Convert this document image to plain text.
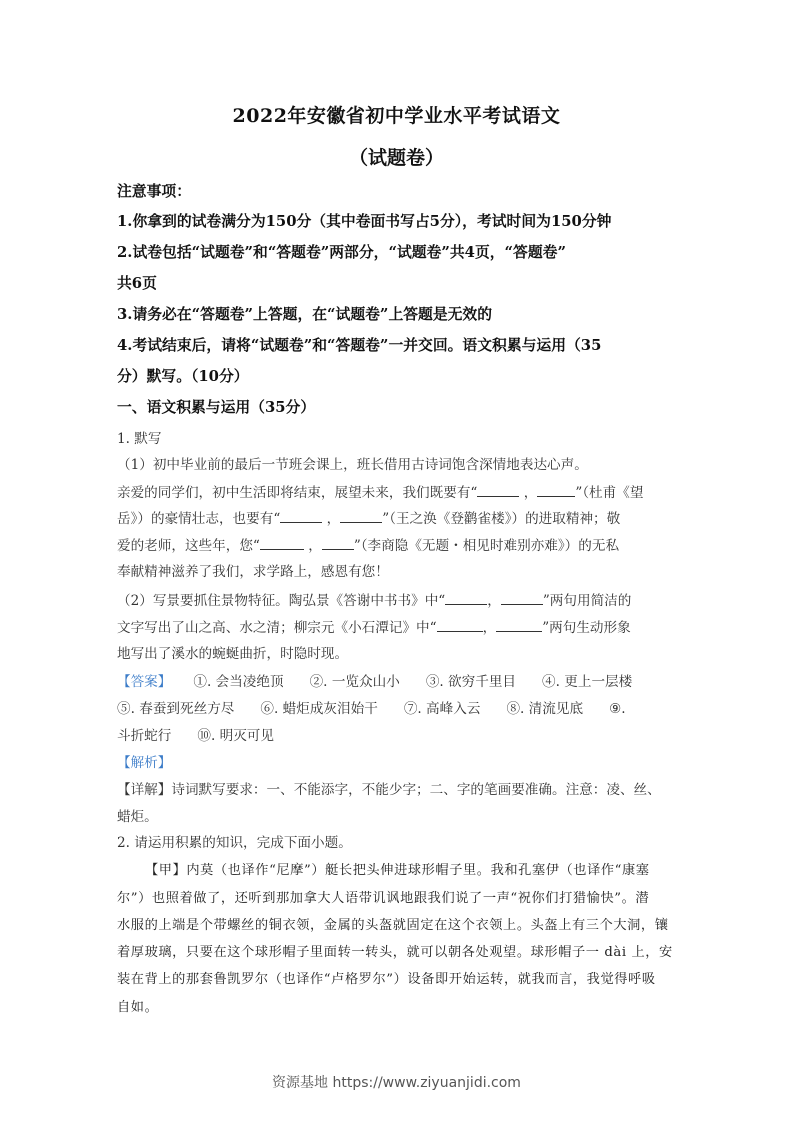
2022年安徽省初中学业水平考试语文
（试题卷）
注意事项：
1.你拿到的试卷满分为150分（其中卷面书写占5分），考试时间为150分钟
2.试卷包括“试题卷”和“答题卷”两部分，“试题卷”共4页，“答题卷”
共6页
3.请务必在“答题卷”上答题，在“试题卷”上答题是无效的
4.考试结束后，请将“试题卷”和“答题卷”一并交回。语文积累与运用（35
分）默写。（10分）
一、语文积累与运用（35分）
1. 默写
（1）初中毕业前的最后一节班会课上，班长借用古诗词饱含深情地表达心声。
亲爱的同学们，初中生活即将结束，展望未来，我们既要有“	，	”（杜甫《望
岳》）的豪情壮志，也要有“	，	”（王之涣《登鹳雀楼》）的进取精神；敬
爱的老师，这些年，您“	， ”（李商隐《无题・相见时难别亦难》）的无私
奉献精神滋养了我们，求学路上，感恩有您！
（2）写景要抓住景物特征。陶弘景《答谢中书书》中“	，	”两句用简洁的
文字写出了山之高、水之清；柳宗元《小石潭记》中“	，	”两句生动形象
地写出了溪水的蜿蜒曲折，时隐时现。
【答案】 ①. 会当凌绝顶 ②. 一览众山小 ③. 欲穷千里目 ④. 更上一层楼
⑤. 春蚕到死丝方尽 ⑥. 蜡炬成灰泪始干 ⑦. 高峰入云 ⑧. 清流见底 ⑨.
斗折蛇行 ⑩. 明灭可见
【解析】
【详解】诗词默写要求：一、不能添字，不能少字；二、字的笔画要准确。注意：凌、丝、
蜡炬。
2. 请运用积累的知识，完成下面小题。
【甲】内莫（也译作“尼摩”）艇长把头伸进球形帽子里。我和孔塞伊（也译作“康塞
尔”）也照着做了，还听到那加拿大人语带讥讽地跟我们说了一声“祝你们打猎愉快”。潜
水服的上端是个带螺丝的铜衣领，金属的头盔就固定在这个衣领上。头盔上有三个大洞，镶
着厚玻璃，只要在这个球形帽子里面转一转头，就可以朝各处观望。球形帽子一 dài 上，安
装在背上的那套鲁凯罗尔（也译作“卢格罗尔”）设备即开始运转，就我而言，我觉得呼吸
自如。
资源基地 https://www.ziyuanjidi.com
